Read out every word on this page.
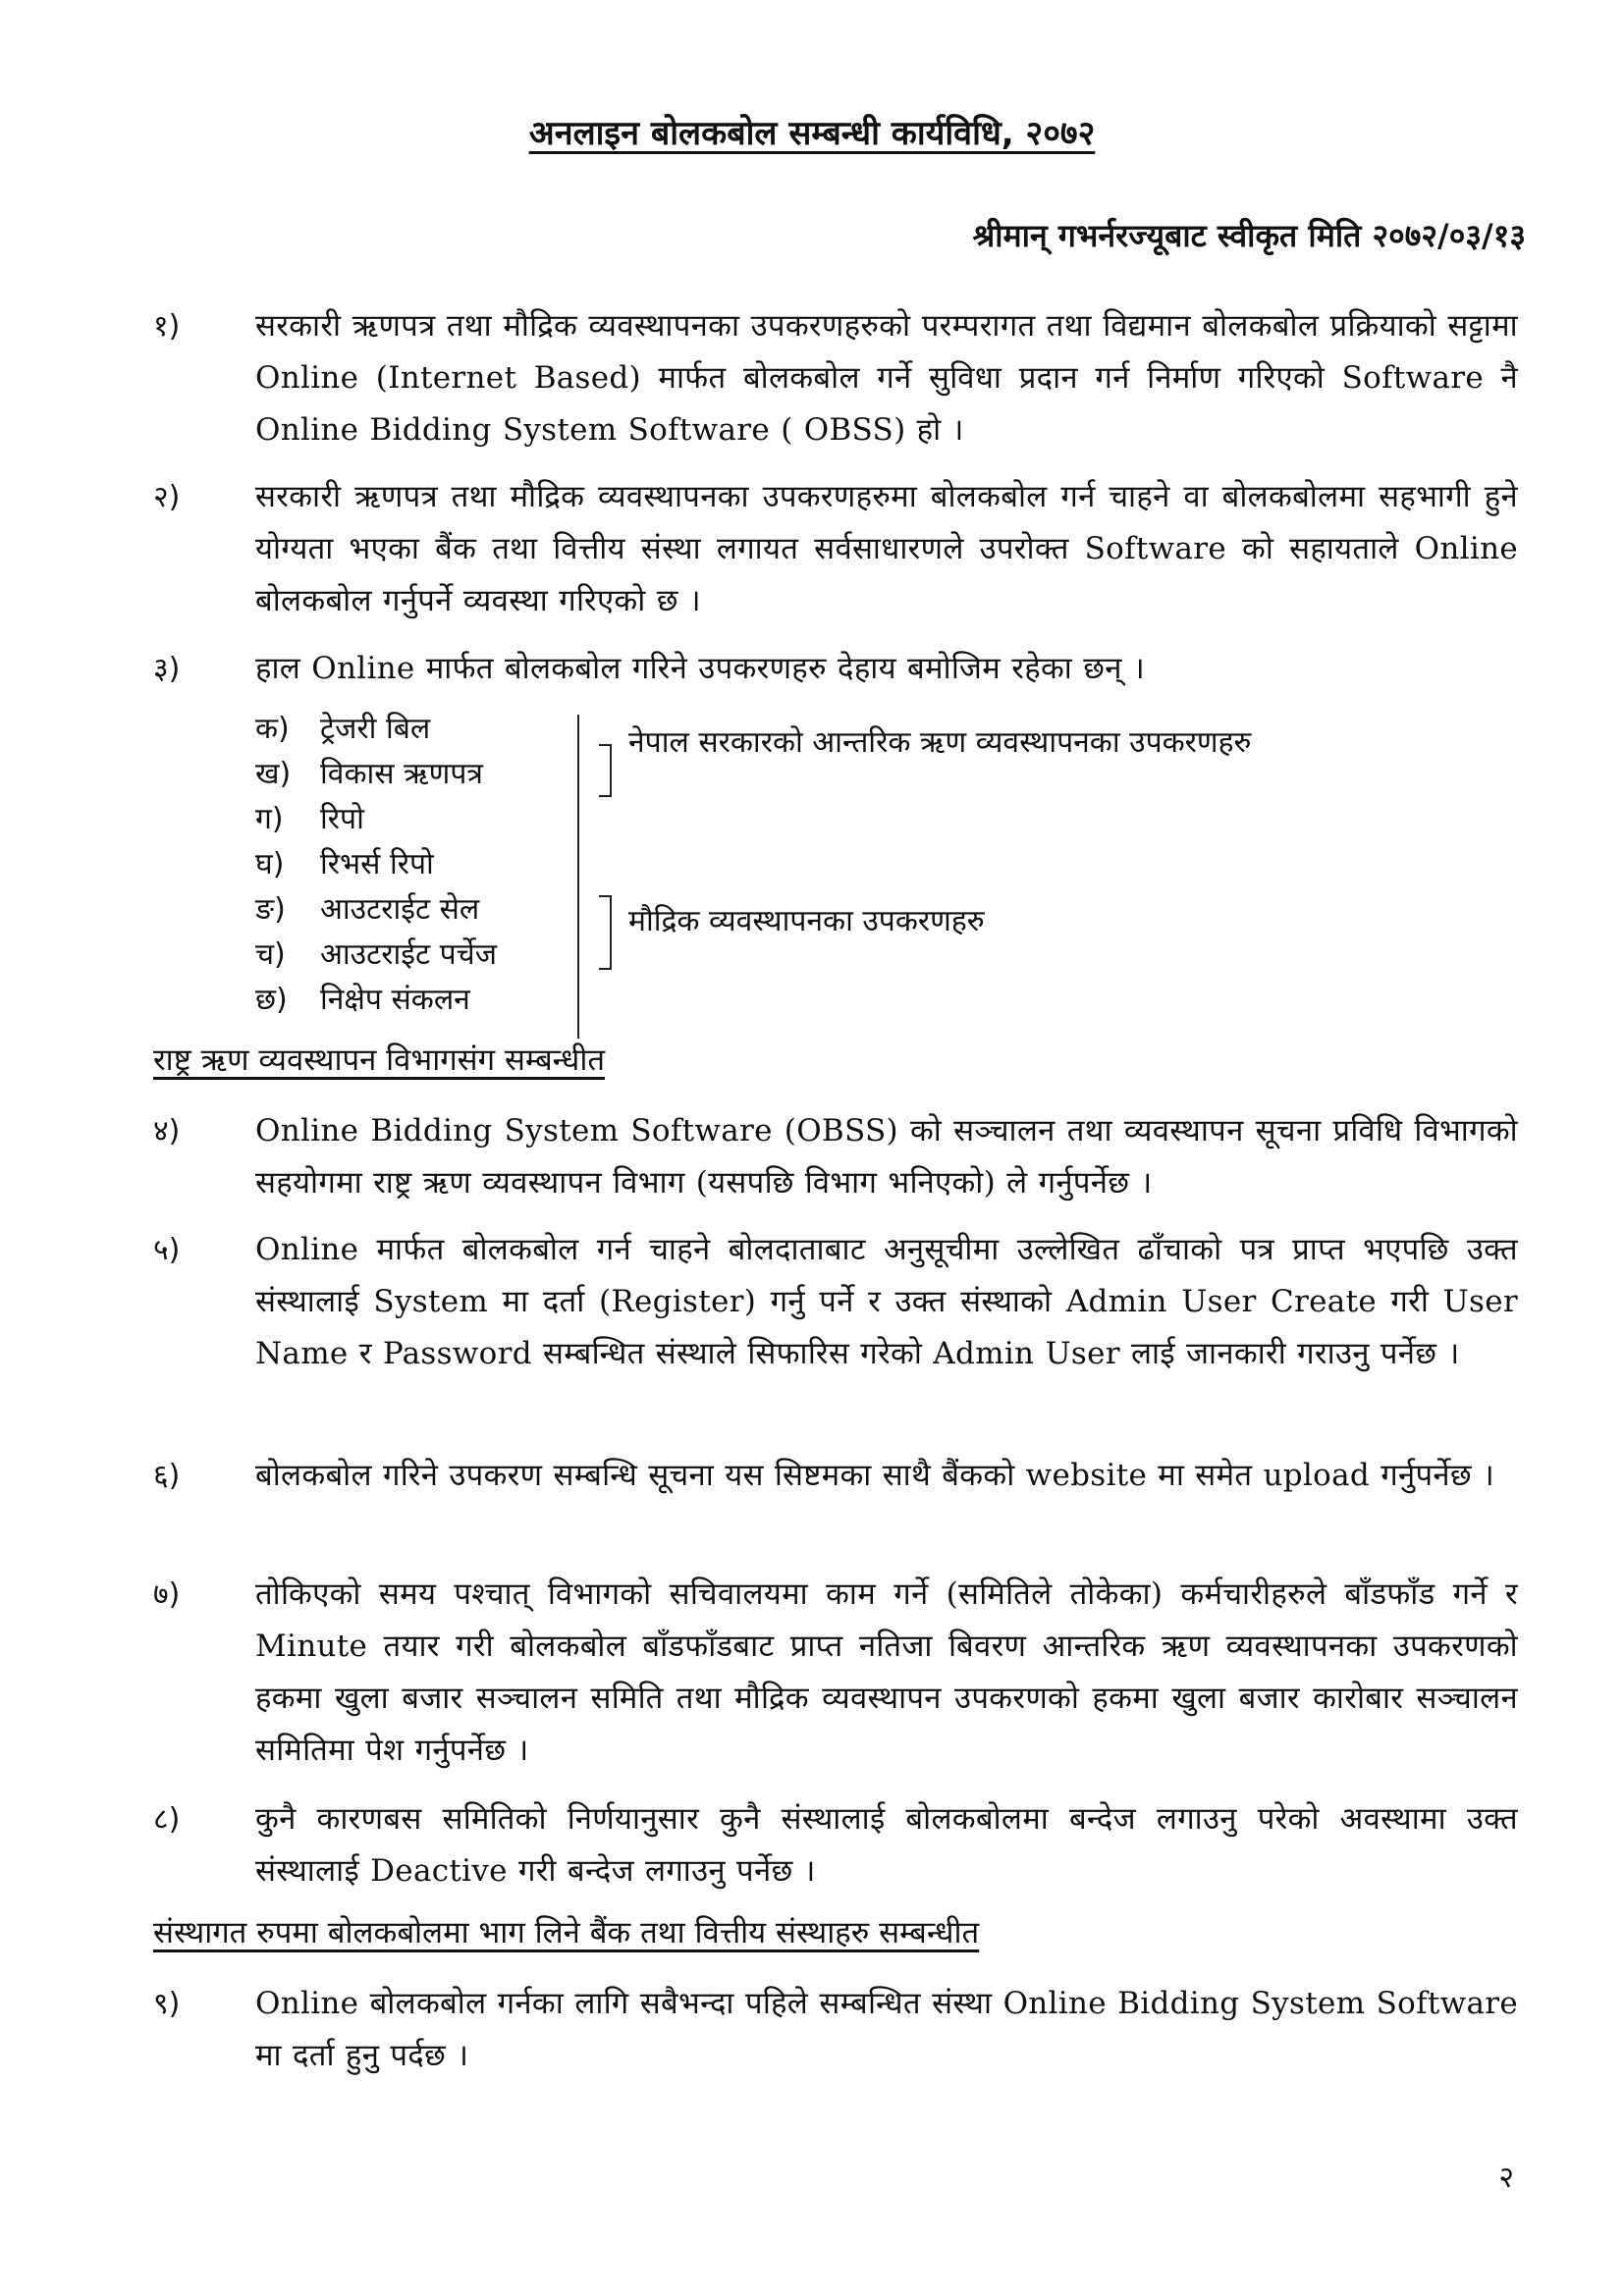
अनलाइन बोलकबोल सम्बन्धी कार्यविधि, २०७२
श्रीमान् गभर्नरज्यूबाट स्वीकृत मिति २०७२/०३/१३
१)	सरकारी ऋणपत्र तथा मौद्रिक व्यवस्थापनका उपकरणहरुको परम्परागत तथा विद्यमान बोलकबोल प्रक्रियाको सट्टामा Online (Internet Based) मार्फत बोलकबोल गर्ने सुविधा प्रदान गर्न निर्माण गरिएको Software नै Online Bidding System Software ( OBSS) हो ।
२)	सरकारी ऋणपत्र तथा मौद्रिक व्यवस्थापनका उपकरणहरुमा बोलकबोल गर्न चाहने वा बोलकबोलमा सहभागी हुने योग्यता भएका बैंक तथा वित्तीय संस्था लगायत सर्वसाधारणले उपरोक्त Software को सहायताले Online बोलकबोल गर्नुपर्ने व्यवस्था गरिएको छ ।
३)	हाल Online मार्फत बोलकबोल गरिने उपकरणहरु देहाय बमोजिम रहेका छन् ।
क) ट्रेजरी बिल
ख) विकास ऋणपत्र
ग) रिपो
घ) रिभर्स रिपो
ङ) आउटराईट सेल
च) आउटराईट पर्चेज
छ) निक्षेप संकलन
नेपाल सरकारको आन्तरिक ऋण व्यवस्थापनका उपकरणहरु
मौद्रिक व्यवस्थापनका उपकरणहरु
राष्ट्र ऋण व्यवस्थापन विभागसंग सम्बन्धीत
४)	Online Bidding System Software (OBSS) को सञ्चालन तथा व्यवस्थापन सूचना प्रविधि विभागको सहयोगमा राष्ट्र ऋण व्यवस्थापन विभाग (यसपछि विभाग भनिएको) ले गर्नुपर्नेछ ।
५)	Online मार्फत बोलकबोल गर्न चाहने बोलदाताबाट अनुसूचीमा उल्लेखित ढाँचाको पत्र प्राप्त भएपछि उक्त संस्थालाई System मा दर्ता (Register) गर्नु पर्ने र उक्त संस्थाको Admin User Create गरी User Name र Password सम्बन्धित संस्थाले सिफारिस गरेको Admin User लाई जानकारी गराउनु पर्नेछ ।
६)	बोलकबोल गरिने उपकरण सम्बन्धि सूचना यस सिष्टमका साथै बैंकको website मा समेत upload गर्नुपर्नेछ ।
७)	तोकिएको समय पश्चात् विभागको सचिवालयमा काम गर्ने (समितिले तोकेका) कर्मचारीहरुले बाँडफाँड गर्ने र Minute तयार गरी बोलकबोल बाँडफाँडबाट प्राप्त नतिजा बिवरण आन्तरिक ऋण व्यवस्थापनका उपकरणको हकमा खुला बजार सञ्चालन समिति तथा मौद्रिक व्यवस्थापन उपकरणको हकमा खुला बजार कारोबार सञ्चालन समितिमा पेश गर्नुपर्नेछ ।
८)	कुनै कारणबस समितिको निर्णयानुसार कुनै संस्थालाई बोलकबोलमा बन्देज लगाउनु परेको अवस्थामा उक्त संस्थालाई Deactive गरी बन्देज लगाउनु पर्नेछ ।
संस्थागत रुपमा बोलकबोलमा भाग लिने बैंक तथा वित्तीय संस्थाहरु सम्बन्धीत
९)	Online बोलकबोल गर्नका लागि सबैभन्दा पहिले सम्बन्धित संस्था Online Bidding System Software मा दर्ता हुनु पर्दछ ।
२
